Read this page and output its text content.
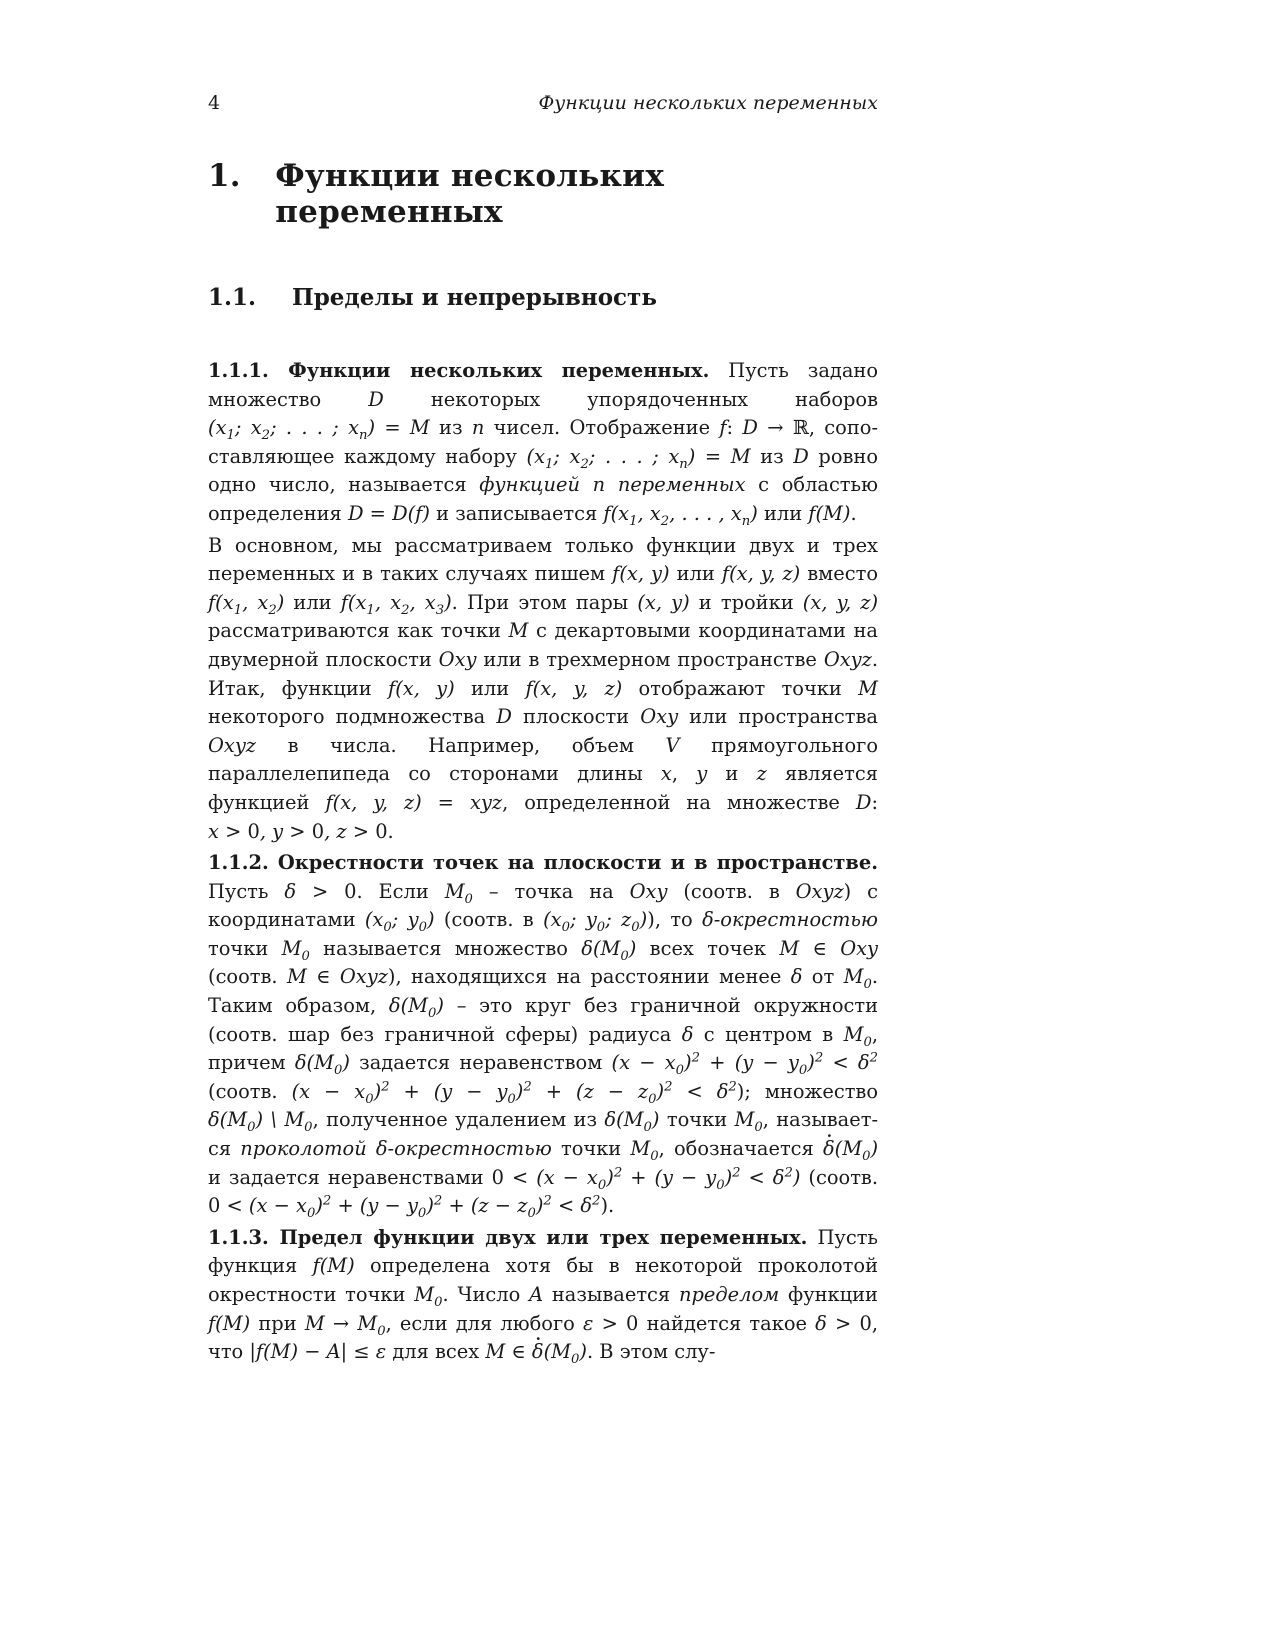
4	Функции нескольких переменных
1.	Функции нескольких переменных
1.1.	Пределы и непрерывность

1.1.1. Функции нескольких переменных. Пусть задано множество D некоторых упорядоченных наборов ($x_1$; $x_2$; . . . ; $x_n) = M$ из n чисел. Отображение f: D → ℝ, сопоставляющее каждому набору ($x_1$; $x_2$; . . . ; $x_n) = M$ из D ровно одно число, называется функцией n переменных с областью определения D = D(f) и записывается $f(x_1$, $x_2$, . . . , $x_n$) или f(M).

В основном, мы рассматриваем только функции двух и трех переменных и в таких случаях пишем f(x, y) или f(x, y, z) вместо $f(x_1$, $x_2$) или $f(x_1$, $x_2$, $x_3$). При этом пары (x, y) и тройки (x, y, z) рассматриваются как точки M с декартовыми координатами на двумерной плоскости Oxy или в трехмерном пространстве Oxyz. Итак, функции f(x, y) или f(x, y, z) отображают точки M некоторого подмножества D плоскости Oxy или пространства Oxyz в числа. Например, объем V прямоугольного параллелепипеда со сторонами длины x, y и z является функцией f(x, y, z) = xyz, определенной на множестве D: x > 0, y > 0, z > 0.

1.1.2. Окрестности точек на плоскости и в пространстве. Пусть δ > 0. Если $M_0$ – точка на Oxy (соотв. в Oxyz) с координатами ($x_0$; $y_0$) (соотв. в ($x_0$; $y_0$; $z_0$)), то δ-окрестностью точки $M_0$ называется множество $\delta(M_0)$ всех точек M ∈ Oxy (соотв. M ∈ Oxyz), находящихся на расстоянии менее δ от $M_0$. Таким образом, $\delta(M_0)$ – это круг без граничной окружности (соотв. шар без граничной сферы) радиуса δ с центром в $M_0$, причем $\delta(M_0)$ задается неравенством $(x - x_0)^2 + (y - y_0)^2 < \delta^2$ (соотв. $(x - x_0)^2 + (y - y_0)^2 + (z - z_0)^2 < \delta^2$); множество $\delta(M_0)$ \ $M_0$, полученное удалением из $\delta(M_0)$ точки $M_0$, называется проколотой δ-окрестностью точки $M_0$, обозначается · $\delta(M_0)$ и задается неравенствами $0 < (x - x_0)^2 + (y - y_0)^2 < \delta^2$) (соотв. $0 < (x - x_0)^2 + (y - y_0)^2 + (z - z_0)^2 < \delta^2$).

1.1.3. Предел функции двух или трех переменных. Пусть функция f(M) определена хотя бы в некоторой проколотой окрестности точки $M_0$. Число A называется пределом функции f(M) при $M \to M_0$, если для любого ε > 0 найдется такое δ > 0, что |f(M) − A| ≤ ε для всех M ∈ · $\delta(M_0)$. В этом слу-
